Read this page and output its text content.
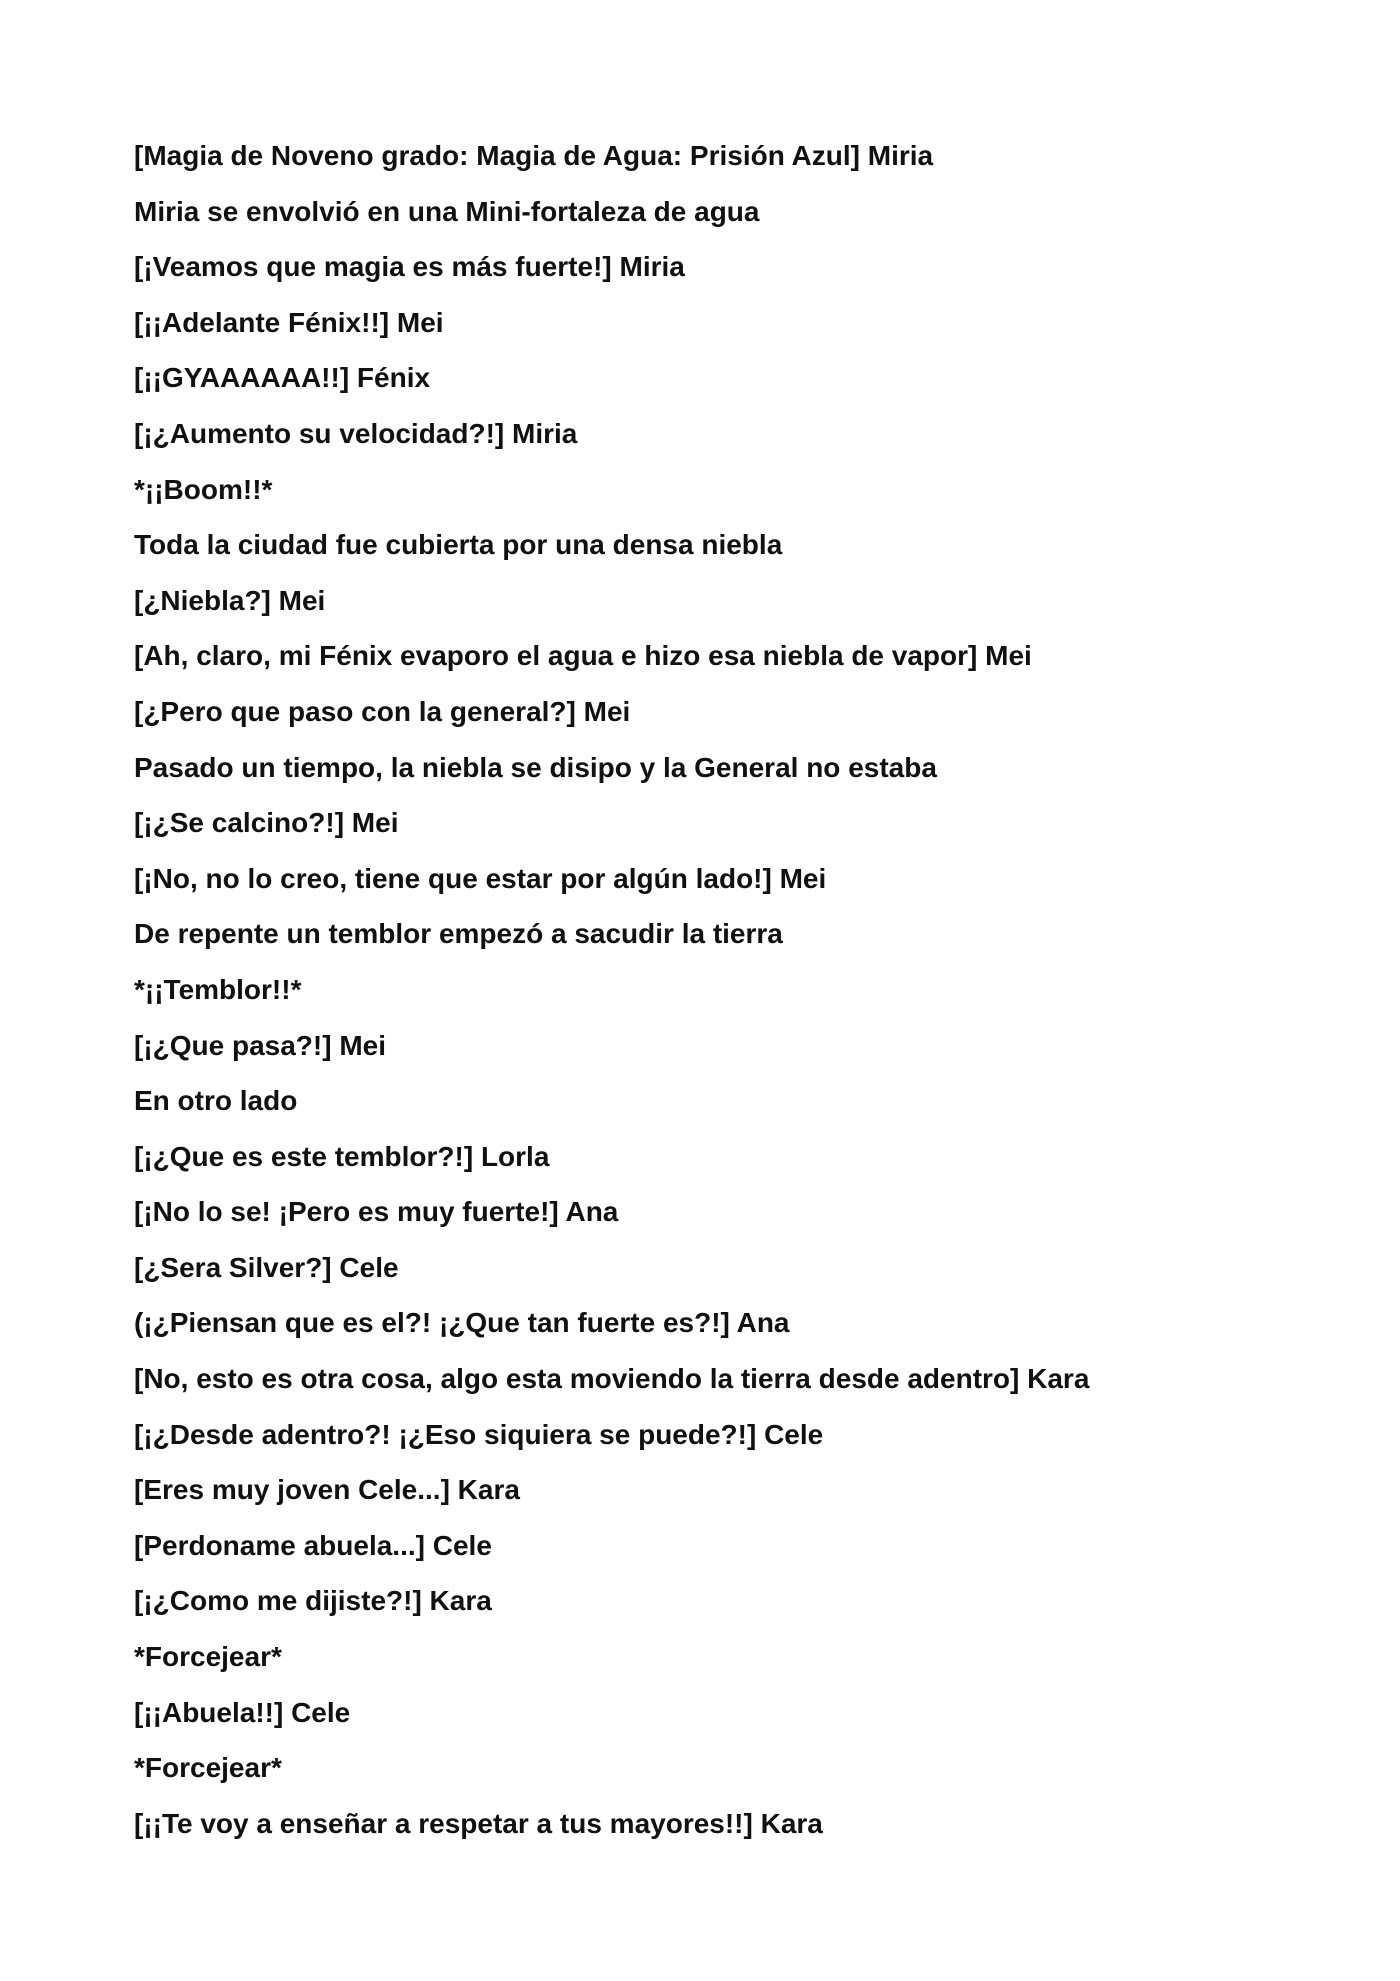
[Magia de Noveno grado: Magia de Agua: Prisión Azul] Miria
Miria se envolvió en una Mini-fortaleza de agua
[¡Veamos que magia es más fuerte!] Miria
[¡¡Adelante Fénix!!] Mei
[¡¡GYAAAAAA!!] Fénix
[¡¿Aumento su velocidad?!] Miria
*¡¡Boom!!*
Toda la ciudad fue cubierta por una densa niebla
[¿Niebla?] Mei
[Ah, claro, mi Fénix evaporo el agua e hizo esa niebla de vapor] Mei
[¿Pero que paso con la general?] Mei
Pasado un tiempo, la niebla se disipo y la General no estaba
[¡¿Se calcino?!] Mei
[¡No, no lo creo, tiene que estar por algún lado!] Mei
De repente un temblor empezó a sacudir la tierra
*¡¡Temblor!!*
[¡¿Que pasa?!] Mei
En otro lado
[¡¿Que es este temblor?!] Lorla
[¡No lo se! ¡Pero es muy fuerte!] Ana
[¿Sera Silver?] Cele
(¡¿Piensan que es el?! ¡¿Que tan fuerte es?!] Ana
[No, esto es otra cosa, algo esta moviendo la tierra desde adentro] Kara
[¡¿Desde adentro?! ¡¿Eso siquiera se puede?!] Cele
[Eres muy joven Cele...] Kara
[Perdoname abuela...] Cele
[¡¿Como me dijiste?!] Kara
*Forcejear*
[¡¡Abuela!!] Cele
*Forcejear*
[¡¡Te voy a enseñar a respetar a tus mayores!!] Kara
